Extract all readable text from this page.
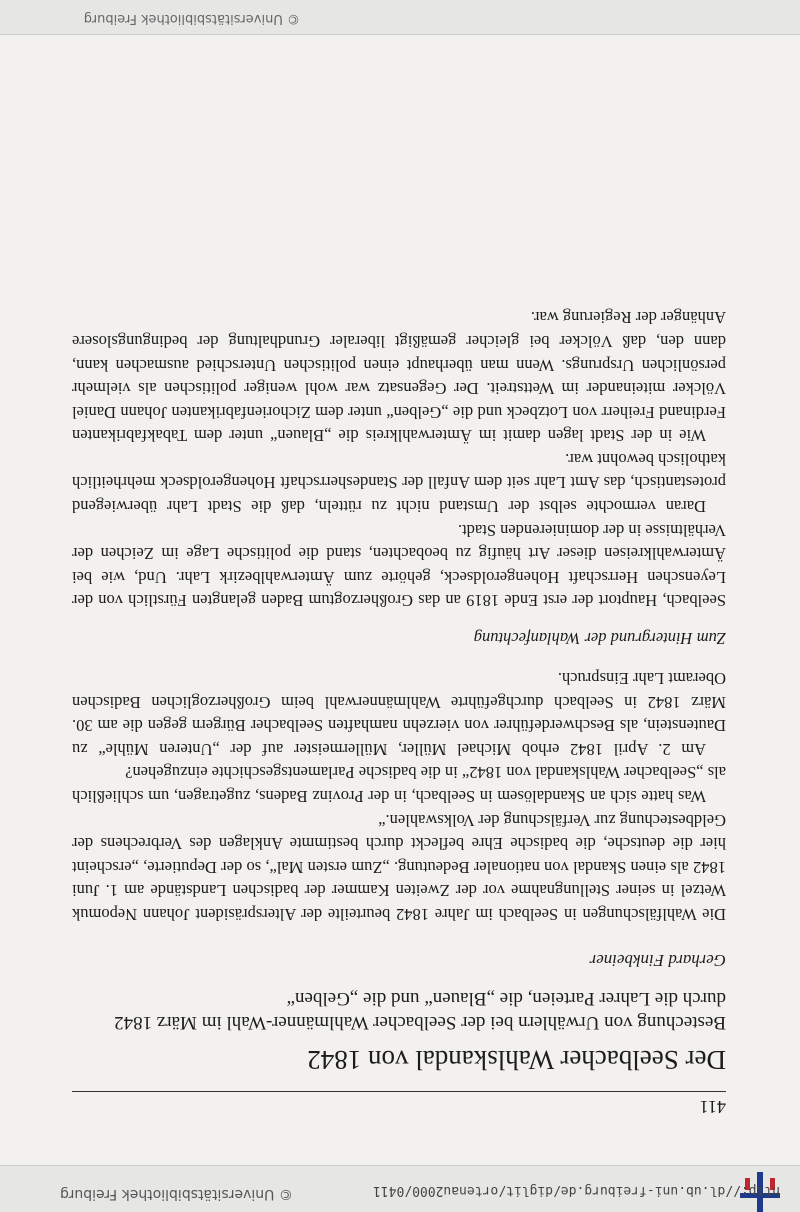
http://dl.ub.uni-freiburg.de/diglit/ortenau2000/0411
© Universitätsbibliothek Freiburg
411
Der Seelbacher Wahlskandal von 1842
Bestechung von Urwählern bei der Seelbacher Wahlmänner-Wahl im März 1842 durch die Lahrer Parteien, die „Blauen“ und die „Gelben“
Gerhard Finkbeiner

Die Wahlfälschungen in Seelbach im Jahre 1842 beurteilte der Alterspräsident Johann Nepomuk Wetzel in seiner Stellungnahme vor der Zweiten Kammer der badischen Landstände am 1. Juni 1842 als einen Skandal von nationaler Bedeutung. „Zum ersten Mal“, so der Deputierte, „erscheint hier die deutsche, die badische Ehre befleckt durch bestimmte Anklagen des Verbrechens der Geldbestechung zur Verfälschung der Volkswahlen.“

Was hatte sich an Skandalösem in Seelbach, in der Provinz Badens, zugetragen, um schließlich als „Seelbacher Wahlskandal von 1842“ in die badische Parlamentsgeschichte einzugehen?

Am 2. April 1842 erhob Michael Müller, Müllermeister auf der „Unteren Mühle“ zu Dautenstein, als Beschwerdeführer von vierzehn namhaften Seelbacher Bürgern gegen die am 30. März 1842 in Seelbach durchgeführte Wahlmännerwahl beim Großherzoglichen Badischen Oberamt Lahr Einspruch.

Zum Hintergrund der Wahlanfechtung

Seelbach, Hauptort der erst Ende 1819 an das Großherzogtum Baden gelangten Fürstlich von der Leyenschen Herrschaft Hohengeroldseck, gehörte zum Ämterwahlbezirk Lahr. Und, wie bei Ämterwahlkreisen dieser Art häufig zu beobachten, stand die politische Lage im Zeichen der Verhältnisse in der dominierenden Stadt.

Daran vermochte selbst der Umstand nicht zu rütteln, daß die Stadt Lahr überwiegend protestantisch, das Amt Lahr seit dem Anfall der Standesherrschaft Hohengeroldseck mehrheitlich katholisch bewohnt war.

Wie in der Stadt lagen damit im Ämterwahlkreis die „Blauen“ unter dem Tabakfabrikanten Ferdinand Freiherr von Lotzbeck und die „Gelben“ unter dem Zichorienfabrikanten Johann Daniel Völcker miteinander im Wettstreit. Der Gegensatz war wohl weniger politischen als vielmehr persönlichen Ursprungs. Wenn man überhaupt einen politischen Unterschied ausmachen kann, dann den, daß Völcker bei gleicher gemäßigt liberaler Grundhaltung der bedingungslosere Anhänger der Regierung war.

© Universitätsbibliothek Freiburg
